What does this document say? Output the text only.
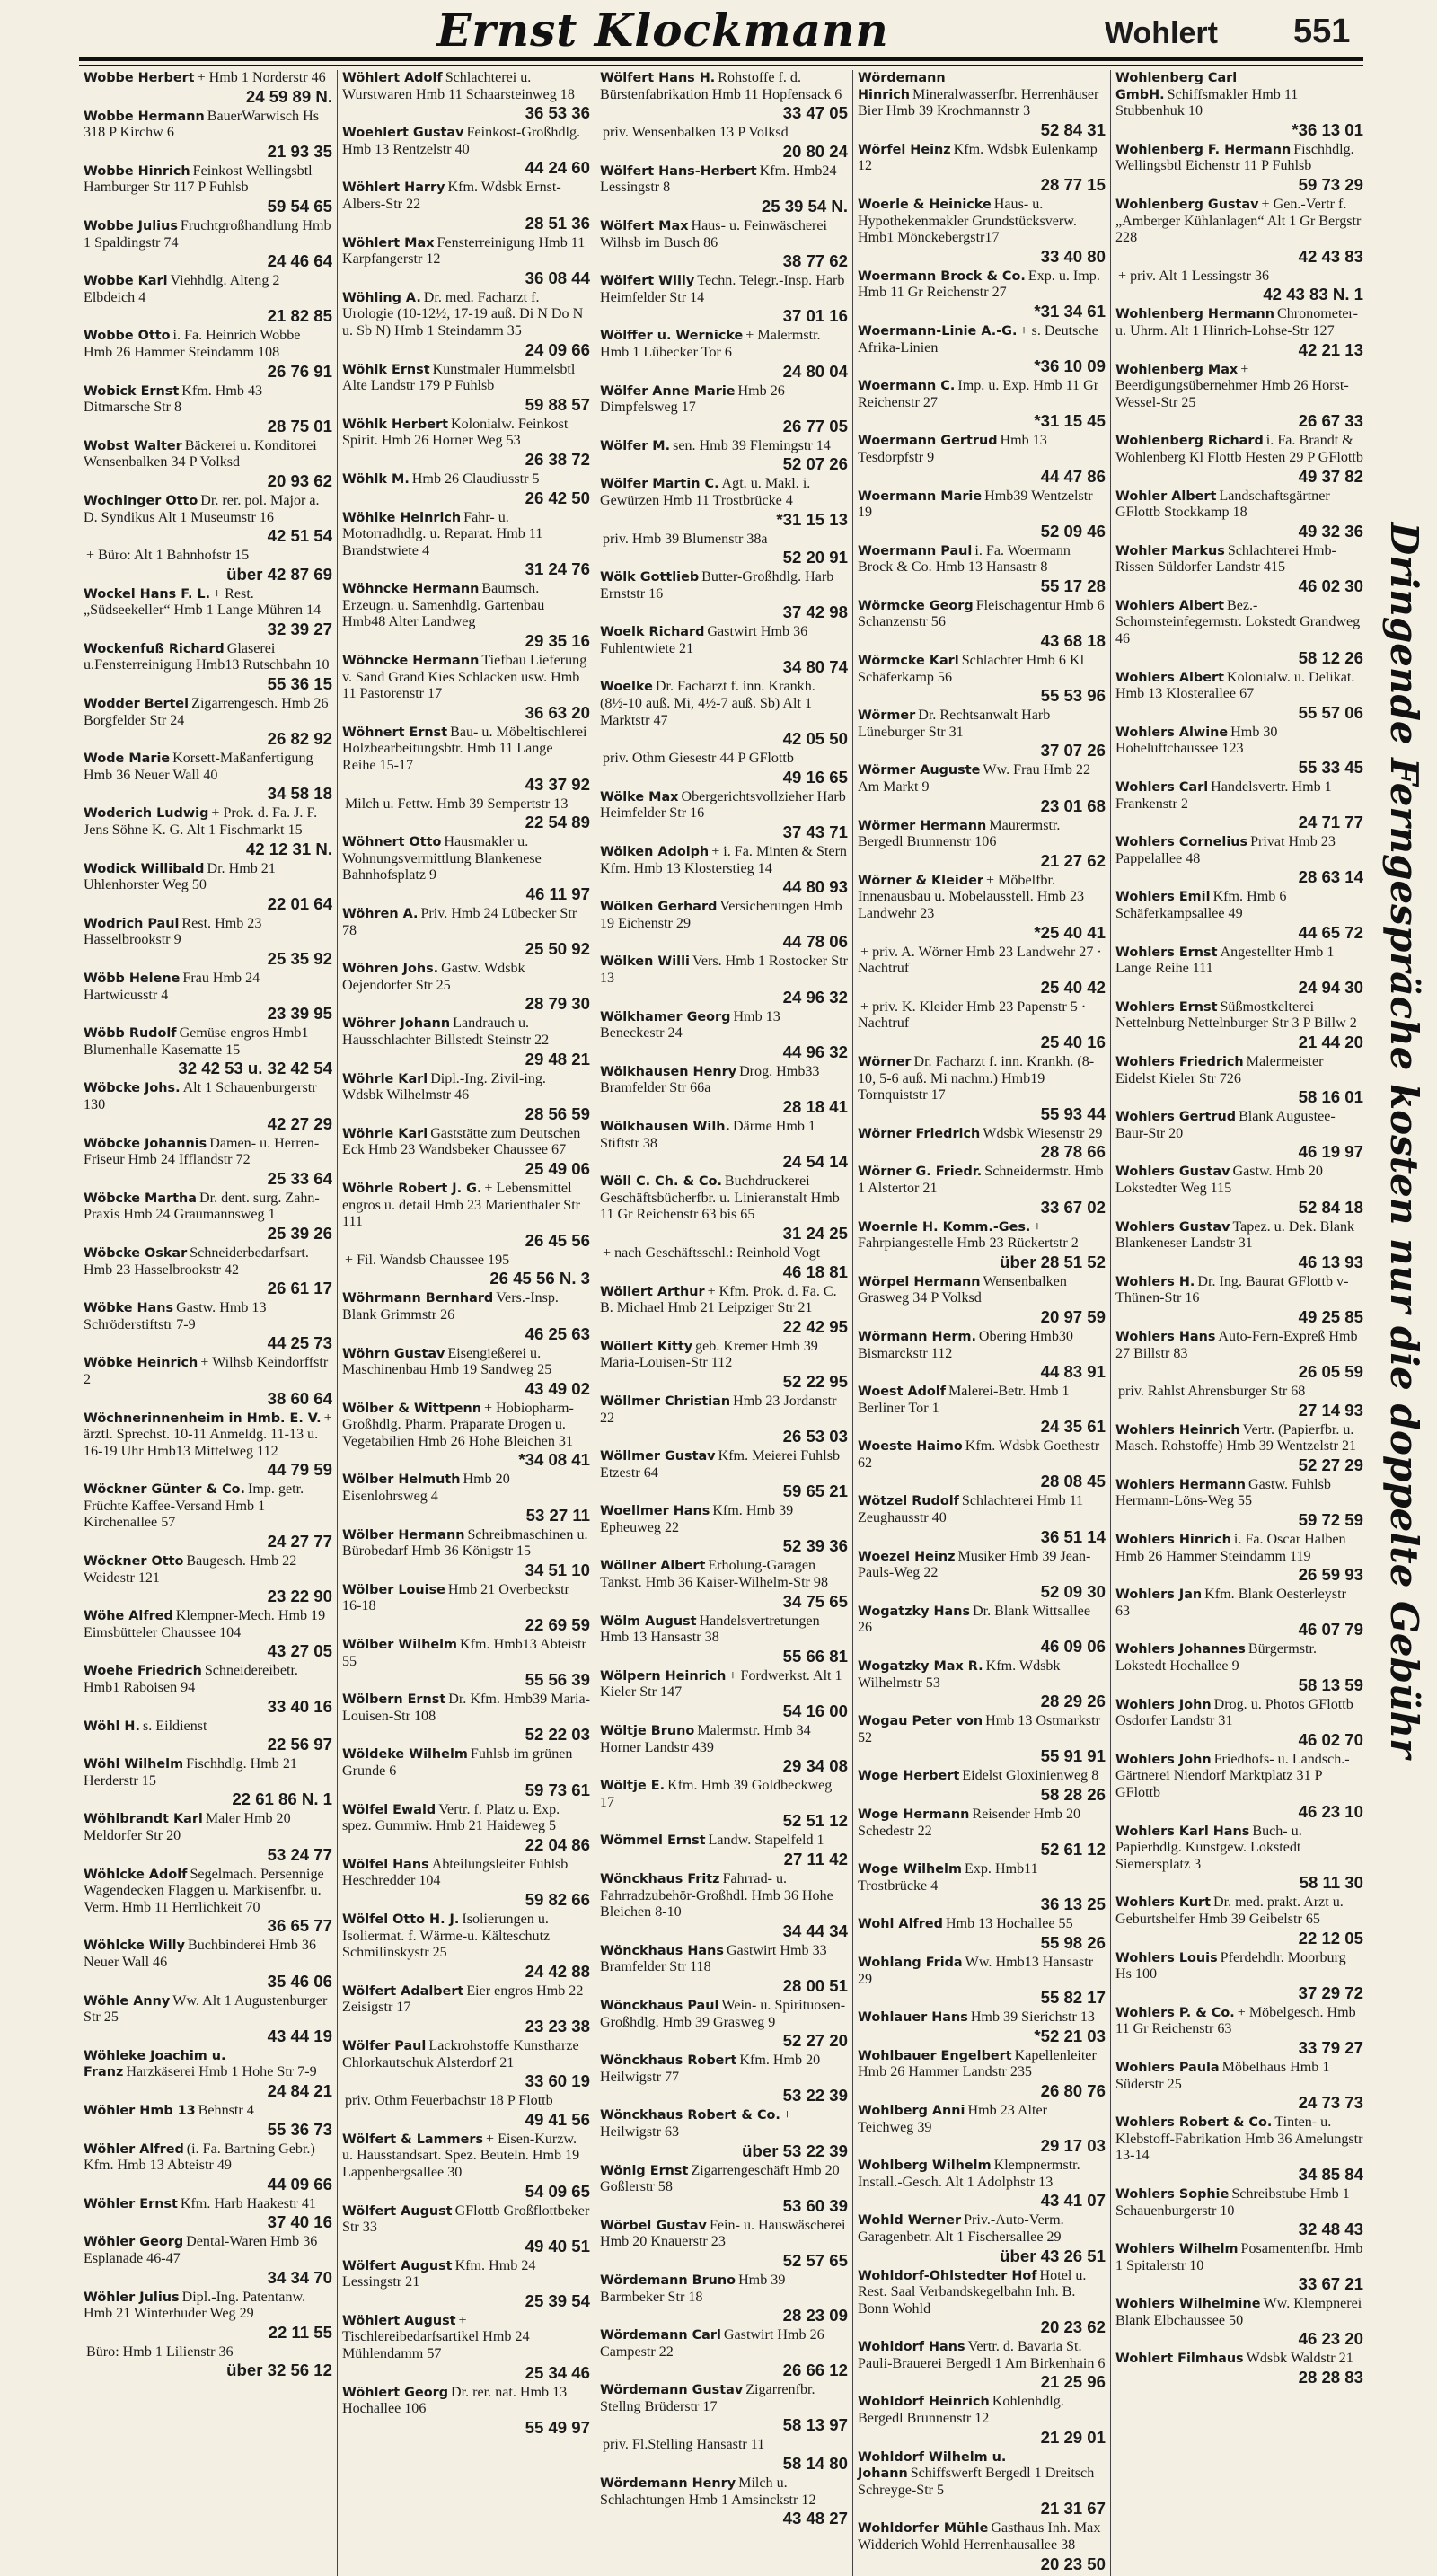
Ernst Klockmann	Wohlert 551
Wobbe Herbert + Hmb 1 Norderstr 46
24 59 89 N.
Wobbe Hermann BauerWarwisch Hs 318 P Kirchw 6
21 93 35
Wobbe Hinrich Feinkost Wellingsbtl Hamburger Str 117 P Fuhlsb
59 54 65
Wobbe Julius Fruchtgroßhandlung Hmb 1 Spaldingstr 74
24 46 64
Wobbe Karl Viehhdlg. Alteng 2 Elbdeich 4
21 82 85
Wobbe Otto i. Fa. Heinrich Wobbe Hmb 26 Hammer Steindamm 108
26 76 91
Wobick Ernst Kfm. Hmb 43 Ditmarsche Str 8
28 75 01
Wobst Walter Bäckerei u. Konditorei Wensenbalken 34 P Volksd
20 93 62
Wochinger Otto Dr. rer. pol. Major a. D. Syndikus Alt 1 Museumstr 16
42 51 54
+ Büro: Alt 1 Bahnhofstr 15
über 42 87 69
Wockel Hans F. L. + Rest. „Südseekeller“ Hmb 1 Lange Mühren 14
32 39 27
Wockenfuß Richard Glaserei u.Fensterreinigung Hmb13 Rutschbahn 10
55 36 15
Wodder Bertel Zigarrengesch. Hmb 26 Borgfelder Str 24
26 82 92
Wode Marie Korsett-Maßanfertigung Hmb 36 Neuer Wall 40
34 58 18
Woderich Ludwig + Prok. d. Fa. J. F. Jens Söhne K. G. Alt 1 Fischmarkt 15
42 12 31 N.
Wodick Willibald Dr. Hmb 21 Uhlenhorster Weg 50
22 01 64
Wodrich Paul Rest. Hmb 23 Hasselbrookstr 9
25 35 92
Wöbb Helene Frau Hmb 24 Hartwicusstr 4
23 39 95
Wöbb Rudolf Gemüse engros Hmb1 Blumenhalle Kasematte 15
32 42 53 u. 32 42 54
Wöbcke Johs. Alt 1 Schauenburgerstr 130
42 27 29
Wöbcke Johannis Damen- u. Herren-Friseur Hmb 24 Ifflandstr 72
25 33 64
Wöbcke Martha Dr. dent. surg. Zahn-Praxis Hmb 24 Graumannsweg 1
25 39 26
Wöbcke Oskar Schneiderbedarfsart. Hmb 23 Hasselbrookstr 42
26 61 17
Wöbke Hans Gastw. Hmb 13 Schröderstiftstr 7-9
44 25 73
Wöbke Heinrich + Wilhsb Keindorffstr 2
38 60 64
Wöchnerinnenheim in Hmb. E. V. + ärztl. Sprechst. 10-11 Anmeldg. 11-13 u. 16-19 Uhr Hmb13 Mittelweg 112
44 79 59
Wöckner Günter & Co. Imp. getr. Früchte Kaffee-Versand Hmb 1 Kirchenallee 57
24 27 77
Wöckner Otto Baugesch. Hmb 22 Weidestr 121
23 22 90
Wöhe Alfred Klempner-Mech. Hmb 19 Eimsbütteler Chaussee 104
43 27 05
Woehe Friedrich Schneidereibetr. Hmb1 Raboisen 94
33 40 16
Wöhl H. s. Eildienst
22 56 97
Wöhl Wilhelm Fischhdlg. Hmb 21 Herderstr 15
22 61 86 N. 1
Wöhlbrandt Karl Maler Hmb 20 Meldorfer Str 20
53 24 77
Wöhlcke Adolf Segelmach. Persennige Wagendecken Flaggen u. Markisenfbr. u. Verm. Hmb 11 Herrlichkeit 70
36 65 77
Wöhlcke Willy Buchbinderei Hmb 36 Neuer Wall 46
35 46 06
Wöhle Anny Ww. Alt 1 Augustenburger Str 25
43 44 19
Wöhleke Joachim u. Franz Harzkäserei Hmb 1 Hohe Str 7-9
24 84 21
Wöhler Hmb 13 Behnstr 4
55 36 73
Wöhler Alfred (i. Fa. Bartning Gebr.) Kfm. Hmb 13 Abteistr 49
44 09 66
Wöhler Ernst Kfm. Harb Haakestr 41
37 40 16
Wöhler Georg Dental-Waren Hmb 36 Esplanade 46-47
34 34 70
Wöhler Julius Dipl.-Ing. Patentanw. Hmb 21 Winterhuder Weg 29
22 11 55
Büro: Hmb 1 Lilienstr 36
über 32 56 12
Wöhlert Adolf Schlachterei u. Wurstwaren Hmb 11 Schaarsteinweg 18
36 53 36
Woehlert Gustav Feinkost-Großhdlg. Hmb 13 Rentzelstr 40
44 24 60
Wöhlert Harry Kfm. Wdsbk Ernst-Albers-Str 22
28 51 36
Wöhlert Max Fensterreinigung Hmb 11 Karpfangerstr 12
36 08 44
Wöhling A. Dr. med. Facharzt f. Urologie (10-12½, 17-19 auß. Di N Do N u. Sb N) Hmb 1 Steindamm 35
24 09 66
Wöhlk Ernst Kunstmaler Hummelsbtl Alte Landstr 179 P Fuhlsb
59 88 57
Wöhlk Herbert Kolonialw. Feinkost Spirit. Hmb 26 Horner Weg 53
26 38 72
Wöhlk M. Hmb 26 Claudiusstr 5
26 42 50
Wöhlke Heinrich Fahr- u. Motorradhdlg. u. Reparat. Hmb 11 Brandstwiete 4
31 24 76
Wöhncke Hermann Baumsch. Erzeugn. u. Samenhdlg. Gartenbau Hmb48 Alter Landweg
29 35 16
Wöhncke Hermann Tiefbau Lieferung v. Sand Grand Kies Schlacken usw. Hmb 11 Pastorenstr 17
36 63 20
Wöhnert Ernst Bau- u. Möbeltischlerei Holzbearbeitungsbtr. Hmb 11 Lange Reihe 15-17
43 37 92
Milch u. Fettw. Hmb 39 Sempertstr 13
22 54 89
Wöhnert Otto Hausmakler u. Wohnungsvermittlung Blankenese Bahnhofsplatz 9
46 11 97
Wöhren A. Priv. Hmb 24 Lübecker Str 78
25 50 92
Wöhren Johs. Gastw. Wdsbk Oejendorfer Str 25
28 79 30
Wöhrer Johann Landrauch u. Hausschlachter Billstedt Steinstr 22
29 48 21
Wöhrle Karl Dipl.-Ing. Zivil-ing. Wdsbk Wilhelmstr 46
28 56 59
Wöhrle Karl Gaststätte zum Deutschen Eck Hmb 23 Wandsbeker Chaussee 67
25 49 06
Wöhrle Robert J. G. + Lebensmittel engros u. detail Hmb 23 Marienthaler Str 111
26 45 56
+ Fil. Wandsb Chaussee 195
26 45 56 N. 3
Wöhrmann Bernhard Vers.-Insp. Blank Grimmstr 26
46 25 63
Wöhrn Gustav Eisengießerei u. Maschinenbau Hmb 19 Sandweg 25
43 49 02
Wölber & Wittpenn + Hobiopharm-Großhdlg. Pharm. Präparate Drogen u. Vegetabilien Hmb 26 Hohe Bleichen 31
*34 08 41
Wölber Helmuth Hmb 20 Eisenlohrsweg 4
53 27 11
Wölber Hermann Schreibmaschinen u. Bürobedarf Hmb 36 Königstr 15
34 51 10
Wölber Louise Hmb 21 Overbeckstr 16-18
22 69 59
Wölber Wilhelm Kfm. Hmb13 Abteistr 55
55 56 39
Wölbern Ernst Dr. Kfm. Hmb39 Maria-Louisen-Str 108
52 22 03
Wöldeke Wilhelm Fuhlsb im grünen Grunde 6
59 73 61
Wölfel Ewald Vertr. f. Platz u. Exp. spez. Gummiw. Hmb 21 Haideweg 5
22 04 86
Wölfel Hans Abteilungsleiter Fuhlsb Heschredder 104
59 82 66
Wölfel Otto H. J. Isolierungen u. Isoliermat. f. Wärme-u. Kälteschutz Schmilinskystr 25
24 42 88
Wölfert Adalbert Eier engros Hmb 22 Zeisigstr 17
23 23 38
Wölfer Paul Lackrohstoffe Kunstharze Chlorkautschuk Alsterdorf 21
33 60 19
priv. Othm Feuerbachstr 18 P Flottb
49 41 56
Wölfert & Lammers + Eisen-Kurzw. u. Hausstandsart. Spez. Beuteln. Hmb 19 Lappenbergsallee 30
54 09 65
Wölfert August GFlottb Großflottbeker Str 33
49 40 51
Wölfert August Kfm. Hmb 24 Lessingstr 21
25 39 54
Wöhlert August + Tischlereibedarfsartikel Hmb 24 Mühlendamm 57
25 34 46
Wöhlert Georg Dr. rer. nat. Hmb 13 Hochallee 106
55 49 97
Wölfert Hans H. Rohstoffe f. d. Bürstenfabrikation Hmb 11 Hopfensack 6
33 47 05
priv. Wensenbalken 13 P Volksd
20 80 24
Wölfert Hans-Herbert Kfm. Hmb24 Lessingstr 8
25 39 54 N.
Wölfert Max Haus- u. Feinwäscherei Wilhsb im Busch 86
38 77 62
Wölfert Willy Techn. Telegr.-Insp. Harb Heimfelder Str 14
37 01 16
Wölffer u. Wernicke + Malermstr. Hmb 1 Lübecker Tor 6
24 80 04
Wölfer Anne Marie Hmb 26 Dimpfelsweg 17
26 77 05
Wölfer M. sen. Hmb 39 Flemingstr 14
52 07 26
Wölfer Martin C. Agt. u. Makl. i. Gewürzen Hmb 11 Trostbrücke 4
*31 15 13
priv. Hmb 39 Blumenstr 38a
52 20 91
Wölk Gottlieb Butter-Großhdlg. Harb Ernststr 16
37 42 98
Woelk Richard Gastwirt Hmb 36 Fuhlentwiete 21
34 80 74
Woelke Dr. Facharzt f. inn. Krankh. (8½-10 auß. Mi, 4½-7 auß. Sb) Alt 1 Marktstr 47
42 05 50
priv. Othm Giesestr 44 P GFlottb
49 16 65
Wölke Max Obergerichtsvollzieher Harb Heimfelder Str 16
37 43 71
Wölken Adolph + i. Fa. Minten & Stern Kfm. Hmb 13 Klosterstieg 14
44 80 93
Wölken Gerhard Versicherungen Hmb 19 Eichenstr 29
44 78 06
Wölken Willi Vers. Hmb 1 Rostocker Str 13
24 96 32
Wölkhamer Georg Hmb 13 Beneckestr 24
44 96 32
Wölkhausen Henry Drog. Hmb33 Bramfelder Str 66a
28 18 41
Wölkhausen Wilh. Därme Hmb 1 Stiftstr 38
24 54 14
Wöll C. Ch. & Co. Buchdruckerei Geschäftsbücherfbr. u. Linieranstalt Hmb 11 Gr Reichenstr 63 bis 65
31 24 25
+ nach Geschäftsschl.: Reinhold Vogt
46 18 81
Wöllert Arthur + Kfm. Prok. d. Fa. C. B. Michael Hmb 21 Leipziger Str 21
22 42 95
Wöllert Kitty geb. Kremer Hmb 39 Maria-Louisen-Str 112
52 22 95
Wöllmer Christian Hmb 23 Jordanstr 22
26 53 03
Wöllmer Gustav Kfm. Meierei Fuhlsb Etzestr 64
59 65 21
Woellmer Hans Kfm. Hmb 39 Epheuweg 22
52 39 36
Wöllner Albert Erholung-Garagen Tankst. Hmb 36 Kaiser-Wilhelm-Str 98
34 75 65
Wölm August Handelsvertretungen Hmb 13 Hansastr 38
55 66 81
Wölpern Heinrich + Fordwerkst. Alt 1 Kieler Str 147
54 16 00
Wöltje Bruno Malermstr. Hmb 34 Horner Landstr 439
29 34 08
Wöltje E. Kfm. Hmb 39 Goldbeckweg 17
52 51 12
Wömmel Ernst Landw. Stapelfeld 1
27 11 42
Wönckhaus Fritz Fahrrad- u. Fahrradzubehör-Großhdl. Hmb 36 Hohe Bleichen 8-10
34 44 34
Wönckhaus Hans Gastwirt Hmb 33 Bramfelder Str 118
28 00 51
Wönckhaus Paul Wein- u. Spirituosen-Großhdlg. Hmb 39 Grasweg 9
52 27 20
Wönckhaus Robert Kfm. Hmb 20 Heilwigstr 77
53 22 39
Wönckhaus Robert & Co. + Heilwigstr 63
über 53 22 39
Wönig Ernst Zigarrengeschäft Hmb 20 Goßlerstr 58
53 60 39
Wörbel Gustav Fein- u. Hauswäscherei Hmb 20 Knauerstr 23
52 57 65
Wördemann Bruno Hmb 39 Barmbeker Str 18
28 23 09
Wördemann Carl Gastwirt Hmb 26 Campestr 22
26 66 12
Wördemann Gustav Zigarrenfbr. Stellng Brüderstr 17
58 13 97
priv. Fl.Stelling Hansastr 11
58 14 80
Wördemann Henry Milch u. Schlachtungen Hmb 1 Amsinckstr 12
43 48 27
Wördemann Hinrich Mineralwasserfbr. Herrenhäuser Bier Hmb 39 Krochmannstr 3
52 84 31
Wörfel Heinz Kfm. Wdsbk Eulenkamp 12
28 77 15
Woerle & Heinicke Haus- u. Hypothekenmakler Grundstücksverw. Hmb1 Mönckebergstr17
33 40 80
Woermann Brock & Co. Exp. u. Imp. Hmb 11 Gr Reichenstr 27
*31 34 61
Woermann-Linie A.-G. + s. Deutsche Afrika-Linien
*36 10 09
Woermann C. Imp. u. Exp. Hmb 11 Gr Reichenstr 27
*31 15 45
Woermann Gertrud Hmb 13 Tesdorpfstr 9
44 47 86
Woermann Marie Hmb39 Wentzelstr 19
52 09 46
Woermann Paul i. Fa. Woermann Brock & Co. Hmb 13 Hansastr 8
55 17 28
Wörmcke Georg Fleischagentur Hmb 6 Schanzenstr 56
43 68 18
Wörmcke Karl Schlachter Hmb 6 Kl Schäferkamp 56
55 53 96
Wörmer Dr. Rechtsanwalt Harb Lüneburger Str 31
37 07 26
Wörmer Auguste Ww. Frau Hmb 22 Am Markt 9
23 01 68
Wörmer Hermann Maurermstr. Bergedl Brunnenstr 106
21 27 62
Wörner & Kleider + Möbelfbr. Innenausbau u. Mobelausstell. Hmb 23 Landwehr 23
*25 40 41
+ priv. A. Wörner Hmb 23 Landwehr 27 · Nachtruf
25 40 42
+ priv. K. Kleider Hmb 23 Papenstr 5 · Nachtruf
25 40 16
Wörner Dr. Facharzt f. inn. Krankh. (8-10, 5-6 auß. Mi nachm.) Hmb19 Tornquiststr 17
55 93 44
Wörner Friedrich Wdsbk Wiesenstr 29
28 78 66
Wörner G. Friedr. Schneidermstr. Hmb 1 Alstertor 21
33 67 02
Woernle H. Komm.-Ges. + Fahrpiangestelle Hmb 23 Rückertstr 2
über 28 51 52
Wörpel Hermann Wensenbalken Grasweg 34 P Volksd
20 97 59
Wörmann Herm. Obering Hmb30 Bismarckstr 112
44 83 91
Woest Adolf Malerei-Betr. Hmb 1 Berliner Tor 1
24 35 61
Woeste Haimo Kfm. Wdsbk Goethestr 62
28 08 45
Wötzel Rudolf Schlachterei Hmb 11 Zeughausstr 40
36 51 14
Woezel Heinz Musiker Hmb 39 Jean-Pauls-Weg 22
52 09 30
Wogatzky Hans Dr. Blank Wittsallee 26
46 09 06
Wogatzky Max R. Kfm. Wdsbk Wilhelmstr 53
28 29 26
Wogau Peter von Hmb 13 Ostmarkstr 52
55 91 91
Woge Herbert Eidelst Gloxinienweg 8
58 28 26
Woge Hermann Reisender Hmb 20 Schedestr 22
52 61 12
Woge Wilhelm Exp. Hmb11 Trostbrücke 4
36 13 25
Wohl Alfred Hmb 13 Hochallee 55
55 98 26
Wohlang Frida Ww. Hmb13 Hansastr 29
55 82 17
Wohlauer Hans Hmb 39 Sierichstr 13
*52 21 03
Wohlbauer Engelbert Kapellenleiter Hmb 26 Hammer Landstr 235
26 80 76
Wohlberg Anni Hmb 23 Alter Teichweg 39
29 17 03
Wohlberg Wilhelm Klempnermstr. Install.-Gesch. Alt 1 Adolphstr 13
43 41 07
Wohld Werner Priv.-Auto-Verm. Garagenbetr. Alt 1 Fischersallee 29
über 43 26 51
Wohldorf-Ohlstedter Hof Hotel u. Rest. Saal Verbandskegelbahn Inh. B. Bonn Wohld
20 23 62
Wohldorf Hans Vertr. d. Bavaria St. Pauli-Brauerei Bergedl 1 Am Birkenhain 6
21 25 96
Wohldorf Heinrich Kohlenhdlg. Bergedl Brunnenstr 12
21 29 01
Wohldorf Wilhelm u. Johann Schiffswerft Bergedl 1 Dreitsch Schreyge-Str 5
21 31 67
Wohldorfer Mühle Gasthaus Inh. Max Widderich Wohld Herrenhausallee 38
20 23 50
Wohlenberg Carl GmbH. Schiffsmakler Hmb 11 Stubbenhuk 10
*36 13 01
Wohlenberg F. Hermann Fischhdlg. Wellingsbtl Eichenstr 11 P Fuhlsb
59 73 29
Wohlenberg Gustav + Gen.-Vertr f. „Amberger Kühlanlagen“ Alt 1 Gr Bergstr 228
42 43 83
+ priv. Alt 1 Lessingstr 36
42 43 83 N. 1
Wohlenberg Hermann Chronometer- u. Uhrm. Alt 1 Hinrich-Lohse-Str 127
42 21 13
Wohlenberg Max + Beerdigungsübernehmer Hmb 26 Horst-Wessel-Str 25
26 67 33
Wohlenberg Richard i. Fa. Brandt & Wohlenberg Kl Flottb Hesten 29 P GFlottb
49 37 82
Wohler Albert Landschaftsgärtner GFlottb Stockkamp 18
49 32 36
Wohler Markus Schlachterei Hmb-Rissen Süldorfer Landstr 415
46 02 30
Wohlers Albert Bez.-Schornsteinfegermstr. Lokstedt Grandweg 46
58 12 26
Wohlers Albert Kolonialw. u. Delikat. Hmb 13 Klosterallee 67
55 57 06
Wohlers Alwine Hmb 30 Hoheluftchaussee 123
55 33 45
Wohlers Carl Handelsvertr. Hmb 1 Frankenstr 2
24 71 77
Wohlers Cornelius Privat Hmb 23 Pappelallee 48
28 63 14
Wohlers Emil Kfm. Hmb 6 Schäferkampsallee 49
44 65 72
Wohlers Ernst Angestellter Hmb 1 Lange Reihe 111
24 94 30
Wohlers Ernst Süßmostkelterei Nettelnburg Nettelnburger Str 3 P Billw 2
21 44 20
Wohlers Friedrich Malermeister Eidelst Kieler Str 726
58 16 01
Wohlers Gertrud Blank Augustee-Baur-Str 20
46 19 97
Wohlers Gustav Gastw. Hmb 20 Lokstedter Weg 115
52 84 18
Wohlers Gustav Tapez. u. Dek. Blank Blankeneser Landstr 31
46 13 93
Wohlers H. Dr. Ing. Baurat GFlottb v-Thünen-Str 16
49 25 85
Wohlers Hans Auto-Fern-Expreß Hmb 27 Billstr 83
26 05 59
priv. Rahlst Ahrensburger Str 68
27 14 93
Wohlers Heinrich Vertr. (Papierfbr. u. Masch. Rohstoffe) Hmb 39 Wentzelstr 21
52 27 29
Wohlers Hermann Gastw. Fuhlsb Hermann-Löns-Weg 55
59 72 59
Wohlers Hinrich i. Fa. Oscar Halben Hmb 26 Hammer Steindamm 119
26 59 93
Wohlers Jan Kfm. Blank Oesterleystr 63
46 07 79
Wohlers Johannes Bürgermstr. Lokstedt Hochallee 9
58 13 59
Wohlers John Drog. u. Photos GFlottb Osdorfer Landstr 31
46 02 70
Wohlers John Friedhofs- u. Landsch.-Gärtnerei Niendorf Marktplatz 31 P GFlottb
46 23 10
Wohlers Karl Hans Buch- u. Papierhdlg. Kunstgew. Lokstedt Siemersplatz 3
58 11 30
Wohlers Kurt Dr. med. prakt. Arzt u. Geburtshelfer Hmb 39 Geibelstr 65
22 12 05
Wohlers Louis Pferdehdlr. Moorburg Hs 100
37 29 72
Wohlers P. & Co. + Möbelgesch. Hmb 11 Gr Reichenstr 63
33 79 27
Wohlers Paula Möbelhaus Hmb 1 Süderstr 25
24 73 73
Wohlers Robert & Co. Tinten- u. Klebstoff-Fabrikation Hmb 36 Amelungstr 13-14
34 85 84
Wohlers Sophie Schreibstube Hmb 1 Schauenburgerstr 10
32 48 43
Wohlers Wilhelm Posamentenfbr. Hmb 1 Spitalerstr 10
33 67 21
Wohlers Wilhelmine Ww. Klempnerei Blank Elbchaussee 50
46 23 20
Wohlert Filmhaus Wdsbk Waldstr 21
28 28 83
Dringende Ferngespräche kosten nur die doppelte Gebühr
